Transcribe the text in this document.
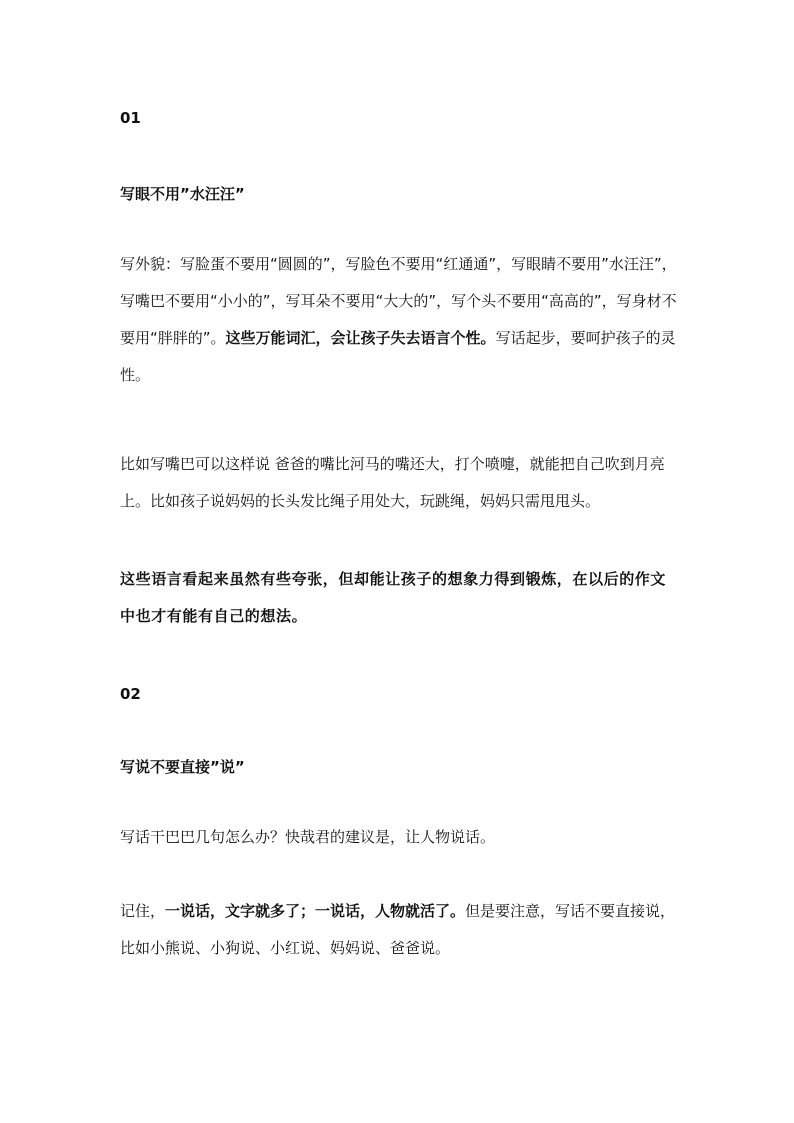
01

写眼不用”水汪汪”

写外貌：写脸蛋不要用“圆圆的”，写脸色不要用“红通通”，写眼睛不要用”水汪汪”，写嘴巴不要用“小小的”，写耳朵不要用“大大的”，写个头不要用“高高的”，写身材不要用“胖胖的”。这些万能词汇，会让孩子失去语言个性。写话起步，要呵护孩子的灵性。

比如写嘴巴可以这样说 爸爸的嘴比河马的嘴还大，打个喷嚏，就能把自己吹到月亮上。比如孩子说妈妈的长头发比绳子用处大，玩跳绳，妈妈只需甩甩头。

这些语言看起来虽然有些夸张，但却能让孩子的想象力得到锻炼，在以后的作文中也才有能有自己的想法。

02

写说不要直接”说”

写话干巴巴几句怎么办？快哉君的建议是，让人物说话。

记住，一说话，文字就多了；一说话，人物就活了。但是要注意，写话不要直接说，比如小熊说、小狗说、小红说、妈妈说、爸爸说。
